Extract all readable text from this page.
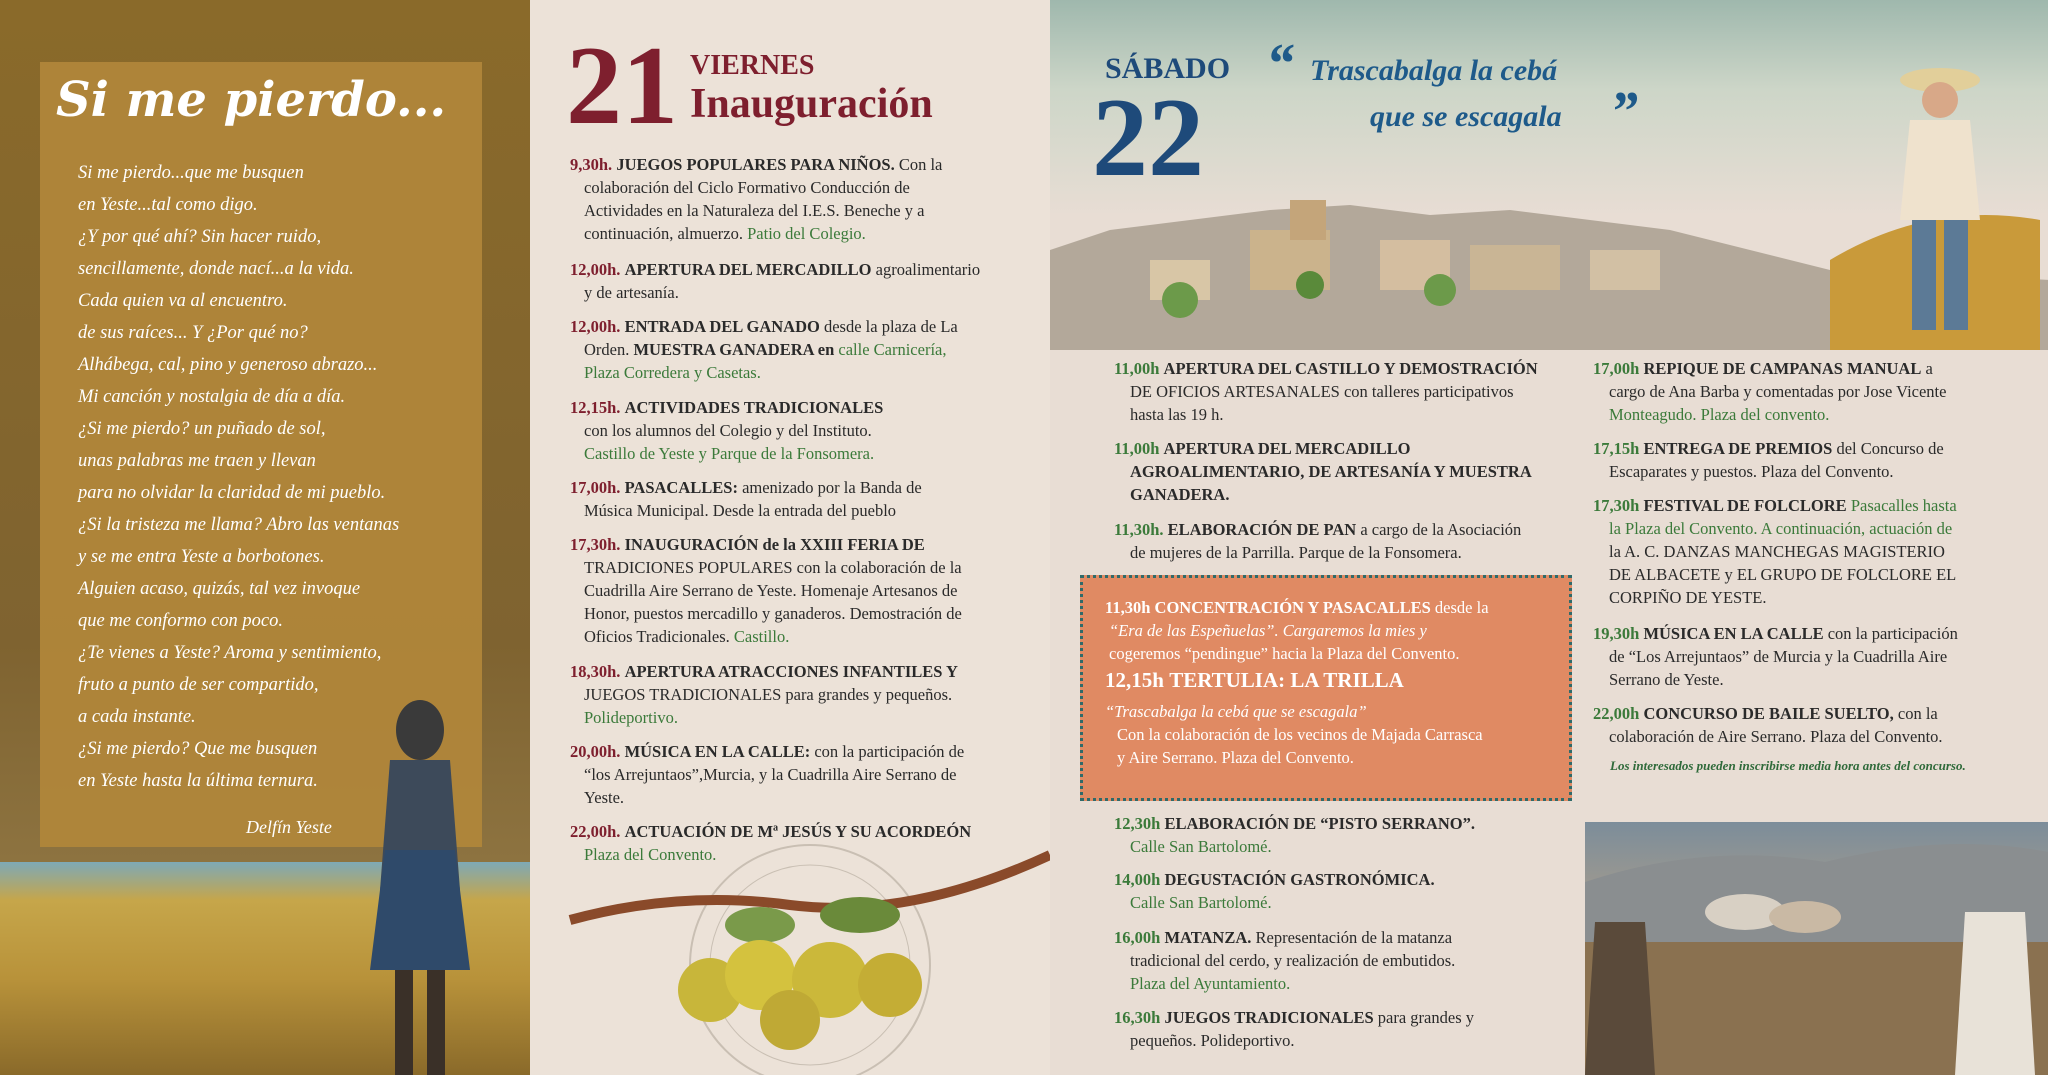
Si me pierdo...
Si me pierdo...que me busquen
en Yeste...tal como digo.
¿Y por qué ahí? Sin hacer ruido,
sencillamente, donde nací...a la vida.
Cada quien va al encuentro.
de sus raíces... Y ¿Por qué no?
Alhábega, cal, pino y generoso abrazo...
Mi canción y nostalgia de día a día.
¿Si me pierdo? un puñado de sol,
unas palabras me traen y llevan
para no olvidar la claridad de mi pueblo.
¿Si la tristeza me llama? Abro las ventanas
y se me entra Yeste a borbotones.
Alguien acaso, quizás, tal vez invoque
que me conformo con poco.
¿Te vienes a Yeste? Aroma y sentimiento,
fruto a punto de ser compartido,
a cada instante.
¿Si me pierdo? Que me busquen
en Yeste hasta la última ternura.
Delfín Yeste
21 VIERNES
Inauguración
9,30h. JUEGOS POPULARES PARA NIÑOS. Con la
colaboración del Ciclo Formativo Conducción de
Actividades en la Naturaleza del I.E.S. Beneche y a
continuación, almuerzo. Patio del Colegio.
12,00h. APERTURA DEL MERCADILLO agroalimentario
y de artesanía.
12,00h. ENTRADA DEL GANADO desde la plaza de La
Orden. MUESTRA GANADERA en calle Carnicería,
Plaza Corredera y Casetas.
12,15h. ACTIVIDADES TRADICIONALES
con los alumnos del Colegio y del Instituto.
Castillo de Yeste y Parque de la Fonsomera.
17,00h. PASACALLES: amenizado por la Banda de
Música Municipal. Desde la entrada del pueblo
17,30h. INAUGURACIÓN de la XXIII FERIA DE
TRADICIONES POPULARES con la colaboración de la
Cuadrilla Aire Serrano de Yeste. Homenaje Artesanos de
Honor, puestos mercadillo y ganaderos. Demostración de
Oficios Tradicionales. Castillo.
18,30h. APERTURA ATRACCIONES INFANTILES Y
JUEGOS TRADICIONALES para grandes y pequeños.
Polideportivo.
20,00h. MÚSICA EN LA CALLE: con la participación de
“los Arrejuntaos”,Murcia, y la Cuadrilla Aire Serrano de
Yeste.
22,00h. ACTUACIÓN DE Mª JESÚS Y SU ACORDEÓN
Plaza del Convento.
SÁBADO
22
“ Trascabalga la cebá
que se escagala ”
11,00h APERTURA DEL CASTILLO Y DEMOSTRACIÓN
DE OFICIOS ARTESANALES con talleres participativos
hasta las 19 h.
11,00h APERTURA DEL MERCADILLO
AGROALIMENTARIO, DE ARTESANÍA Y MUESTRA
GANADERA.
11,30h. ELABORACIÓN DE PAN a cargo de la Asociación
de mujeres de la Parrilla. Parque de la Fonsomera.
11,30h CONCENTRACIÓN Y PASACALLES desde la
“Era de las Espeñuelas”. Cargaremos la mies y
cogeremos “pendingue” hacia la Plaza del Convento.
12,15h TERTULIA: LA TRILLA
“Trascabalga la cebá que se escagala”
Con la colaboración de los vecinos de Majada Carrasca
y Aire Serrano. Plaza del Convento.
12,30h ELABORACIÓN DE “PISTO SERRANO”.
Calle San Bartolomé.
14,00h DEGUSTACIÓN GASTRONÓMICA.
Calle San Bartolomé.
16,00h MATANZA. Representación de la matanza
tradicional del cerdo, y realización de embutidos.
Plaza del Ayuntamiento.
16,30h JUEGOS TRADICIONALES para grandes y
pequeños. Polideportivo.
17,00h REPIQUE DE CAMPANAS MANUAL a
cargo de Ana Barba y comentadas por Jose Vicente
Monteagudo. Plaza del convento.
17,15h ENTREGA DE PREMIOS del Concurso de
Escaparates y puestos. Plaza del Convento.
17,30h FESTIVAL DE FOLCLORE Pasacalles hasta
la Plaza del Convento. A continuación, actuación de
la A. C. DANZAS MANCHEGAS MAGISTERIO
DE ALBACETE y EL GRUPO DE FOLCLORE EL
CORPIÑO DE YESTE.
19,30h MÚSICA EN LA CALLE con la participación
de “Los Arrejuntaos” de Murcia y la Cuadrilla Aire
Serrano de Yeste.
22,00h CONCURSO DE BAILE SUELTO, con la
colaboración de Aire Serrano. Plaza del Convento.
Los interesados pueden inscribirse media hora antes del concurso.
